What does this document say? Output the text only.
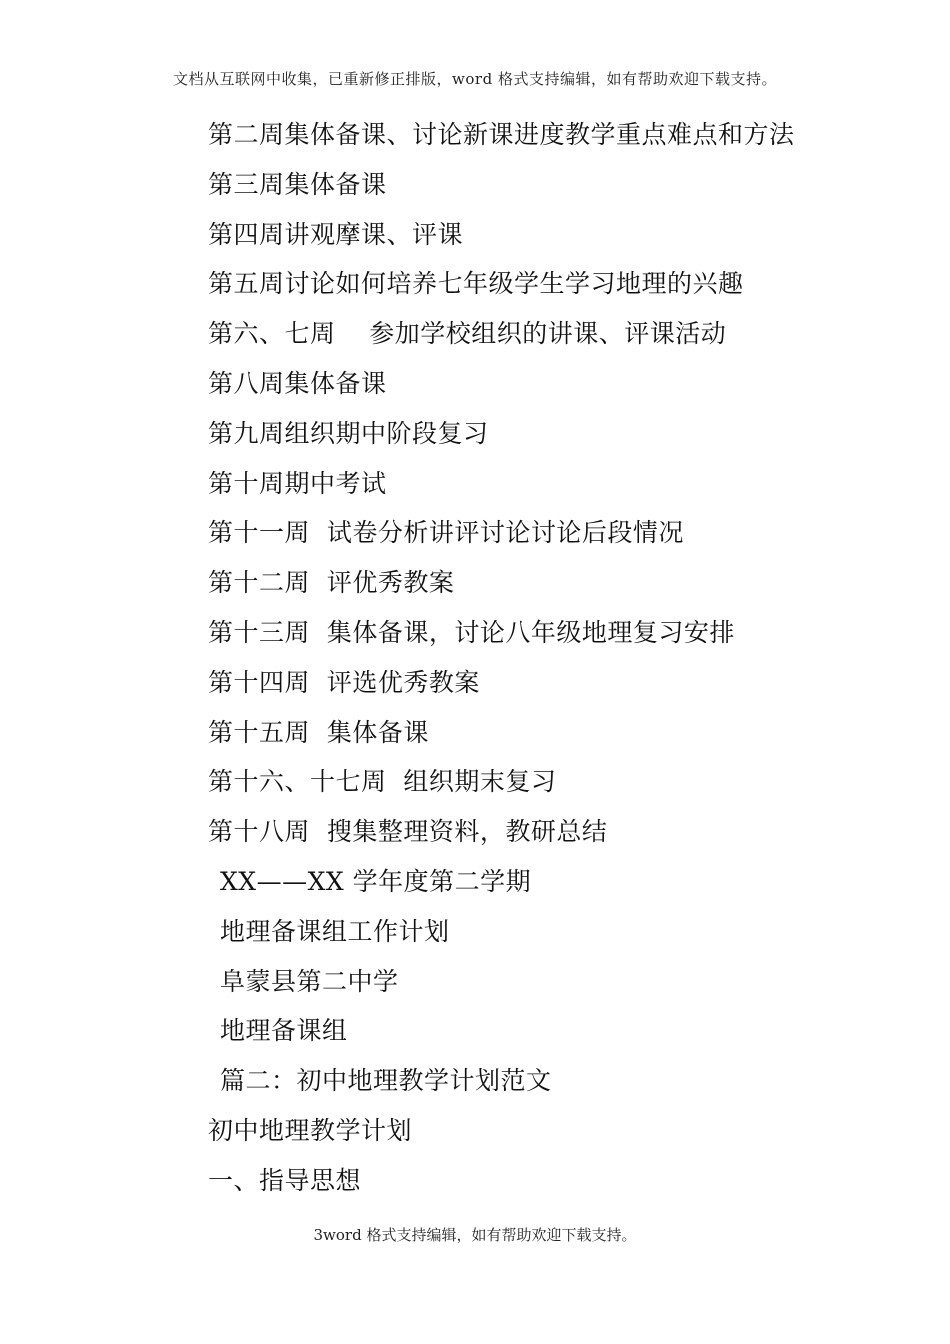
文档从互联网中收集，已重新修正排版，word 格式支持编辑，如有帮助欢迎下载支持。
第二周集体备课、讨论新课进度教学重点难点和方法
第三周集体备课
第四周讲观摩课、评课
第五周讨论如何培养七年级学生学习地理的兴趣
第六、七周    参加学校组织的讲课、评课活动
第八周集体备课
第九周组织期中阶段复习
第十周期中考试
第十一周  试卷分析讲评讨论讨论后段情况
第十二周  评优秀教案
第十三周  集体备课，讨论八年级地理复习安排
第十四周  评选优秀教案
第十五周  集体备课
第十六、十七周  组织期末复习
第十八周  搜集整理资料，教研总结
XX——XX 学年度第二学期
地理备课组工作计划
阜蒙县第二中学
地理备课组
篇二：初中地理教学计划范文
初中地理教学计划
一、指导思想
3word 格式支持编辑，如有帮助欢迎下载支持。
